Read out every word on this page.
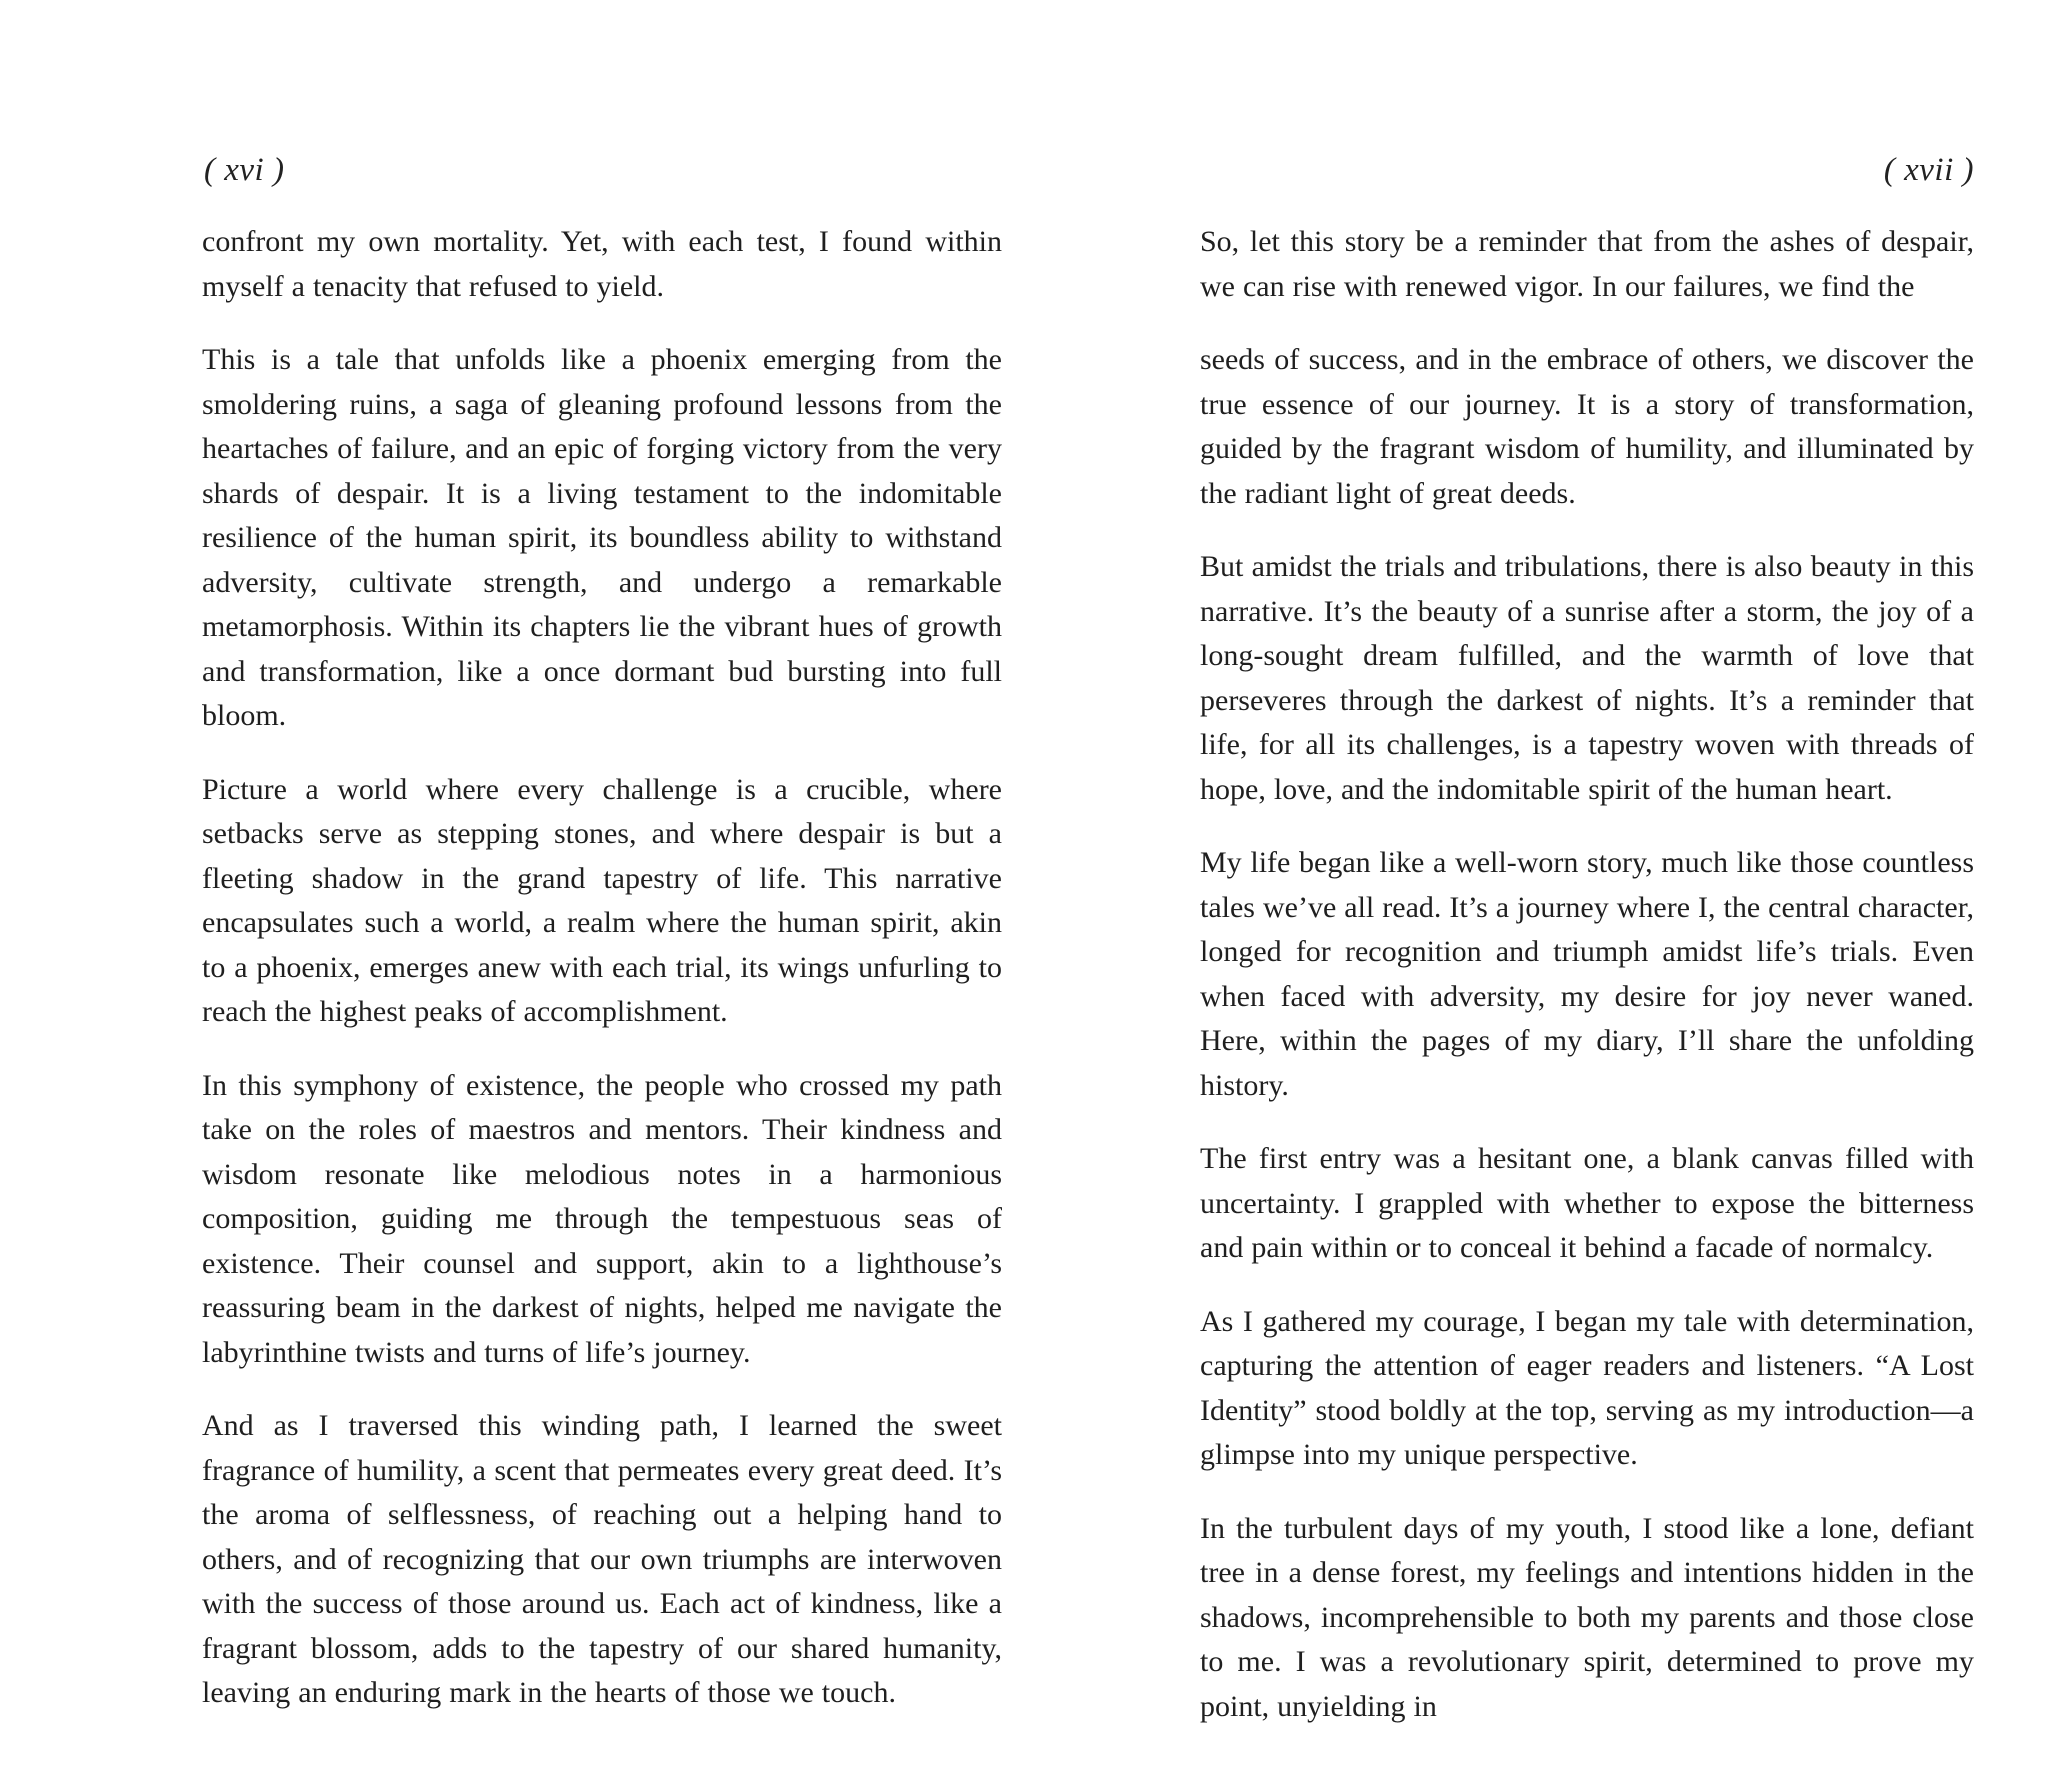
( xvi )

confront my own mortality. Yet, with each test, I found within myself a tenacity that refused to yield.

This is a tale that unfolds like a phoenix emerging from the smoldering ruins, a saga of gleaning profound lessons from the heartaches of failure, and an epic of forging victory from the very shards of despair. It is a living testament to the indomitable resilience of the human spirit, its boundless ability to withstand adversity, cultivate strength, and undergo a remarkable metamorphosis. Within its chapters lie the vibrant hues of growth and transformation, like a once dormant bud bursting into full bloom.

Picture a world where every challenge is a crucible, where setbacks serve as stepping stones, and where despair is but a fleeting shadow in the grand tapestry of life. This narrative encapsulates such a world, a realm where the human spirit, akin to a phoenix, emerges anew with each trial, its wings unfurling to reach the highest peaks of accomplishment.

In this symphony of existence, the people who crossed my path take on the roles of maestros and mentors. Their kindness and wisdom resonate like melodious notes in a harmonious composition, guiding me through the tempestuous seas of existence. Their counsel and support, akin to a lighthouse’s reassuring beam in the darkest of nights, helped me navigate the labyrinthine twists and turns of life’s journey.

And as I traversed this winding path, I learned the sweet fragrance of humility, a scent that permeates every great deed. It’s the aroma of selflessness, of reaching out a helping hand to others, and of recognizing that our own triumphs are interwoven with the success of those around us. Each act of kindness, like a fragrant blossom, adds to the tapestry of our shared humanity, leaving an enduring mark in the hearts of those we touch.

( xvii )

So, let this story be a reminder that from the ashes of despair, we can rise with renewed vigor. In our failures, we find the

seeds of success, and in the embrace of others, we discover the true essence of our journey. It is a story of transformation, guided by the fragrant wisdom of humility, and illuminated by the radiant light of great deeds.

But amidst the trials and tribulations, there is also beauty in this narrative. It’s the beauty of a sunrise after a storm, the joy of a long-sought dream fulfilled, and the warmth of love that perseveres through the darkest of nights. It’s a reminder that life, for all its challenges, is a tapestry woven with threads of hope, love, and the indomitable spirit of the human heart.

My life began like a well-worn story, much like those countless tales we’ve all read. It’s a journey where I, the central character, longed for recognition and triumph amidst life’s trials. Even when faced with adversity, my desire for joy never waned. Here, within the pages of my diary, I’ll share the unfolding history.

The first entry was a hesitant one, a blank canvas filled with uncertainty. I grappled with whether to expose the bitterness and pain within or to conceal it behind a facade of normalcy.

As I gathered my courage, I began my tale with determination, capturing the attention of eager readers and listeners. “A Lost Identity” stood boldly at the top, serving as my introduction—a glimpse into my unique perspective.

In the turbulent days of my youth, I stood like a lone, defiant tree in a dense forest, my feelings and intentions hidden in the shadows, incomprehensible to both my parents and those close to me. I was a revolutionary spirit, determined to prove my point, unyielding in
